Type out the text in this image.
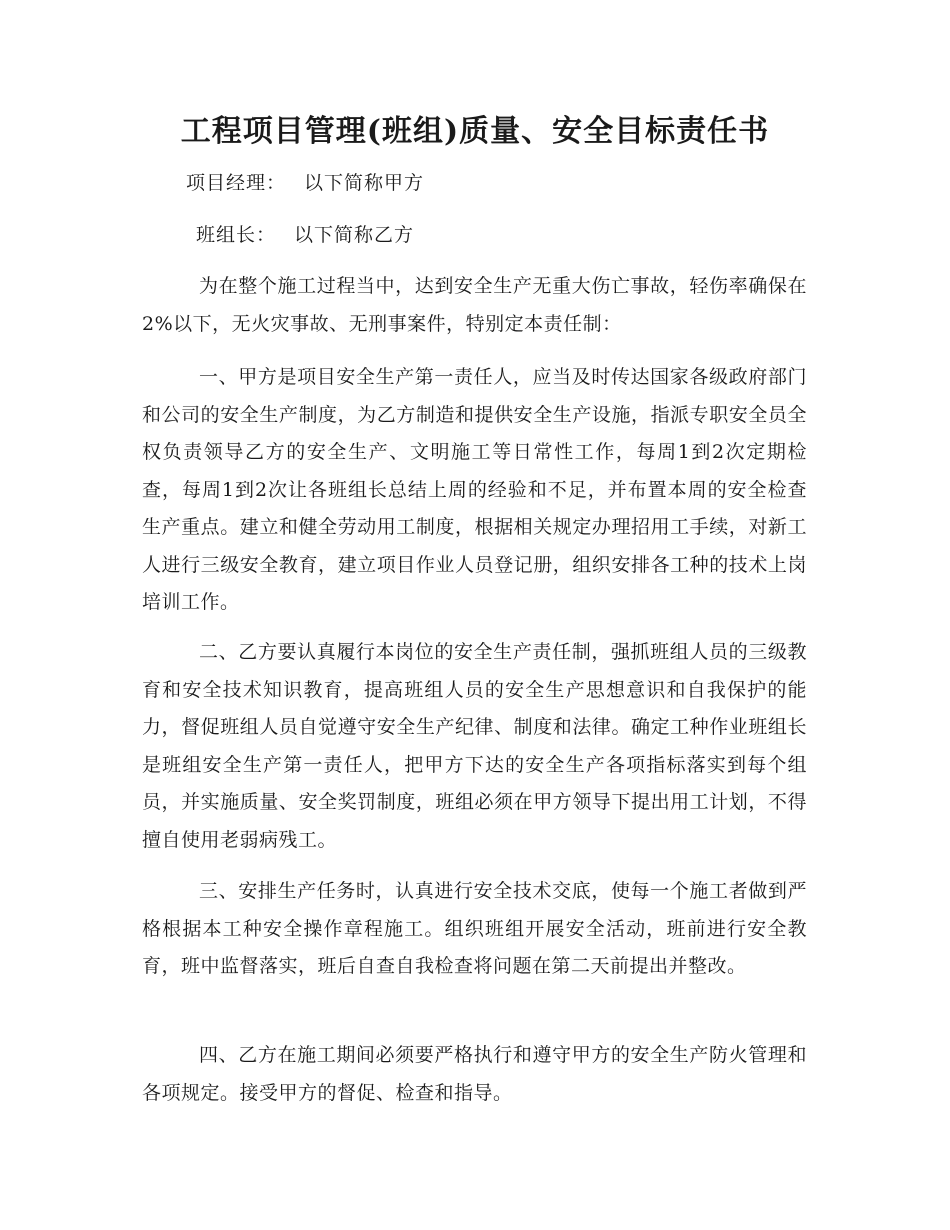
工程项目管理(班组)质量、安全目标责任书
项目经理： 以下简称甲方
班组长： 以下简称乙方

为在整个施工过程当中，达到安全生产无重大伤亡事故，轻伤率确保在2%以下，无火灾事故、无刑事案件，特别定本责任制：

一、甲方是项目安全生产第一责任人，应当及时传达国家各级政府部门和公司的安全生产制度，为乙方制造和提供安全生产设施，指派专职安全员全权负责领导乙方的安全生产、文明施工等日常性工作，每周1到2次定期检查，每周1到2次让各班组长总结上周的经验和不足，并布置本周的安全检查生产重点。建立和健全劳动用工制度，根据相关规定办理招用工手续，对新工人进行三级安全教育，建立项目作业人员登记册，组织安排各工种的技术上岗培训工作。

二、乙方要认真履行本岗位的安全生产责任制，强抓班组人员的三级教育和安全技术知识教育，提高班组人员的安全生产思想意识和自我保护的能力，督促班组人员自觉遵守安全生产纪律、制度和法律。确定工种作业班组长是班组安全生产第一责任人，把甲方下达的安全生产各项指标落实到每个组员，并实施质量、安全奖罚制度，班组必须在甲方领导下提出用工计划，不得擅自使用老弱病残工。

三、安排生产任务时，认真进行安全技术交底，使每一个施工者做到严格根据本工种安全操作章程施工。组织班组开展安全活动，班前进行安全教育，班中监督落实，班后自查自我检查将问题在第二天前提出并整改。

四、乙方在施工期间必须要严格执行和遵守甲方的安全生产防火管理和各项规定。接受甲方的督促、检查和指导。
